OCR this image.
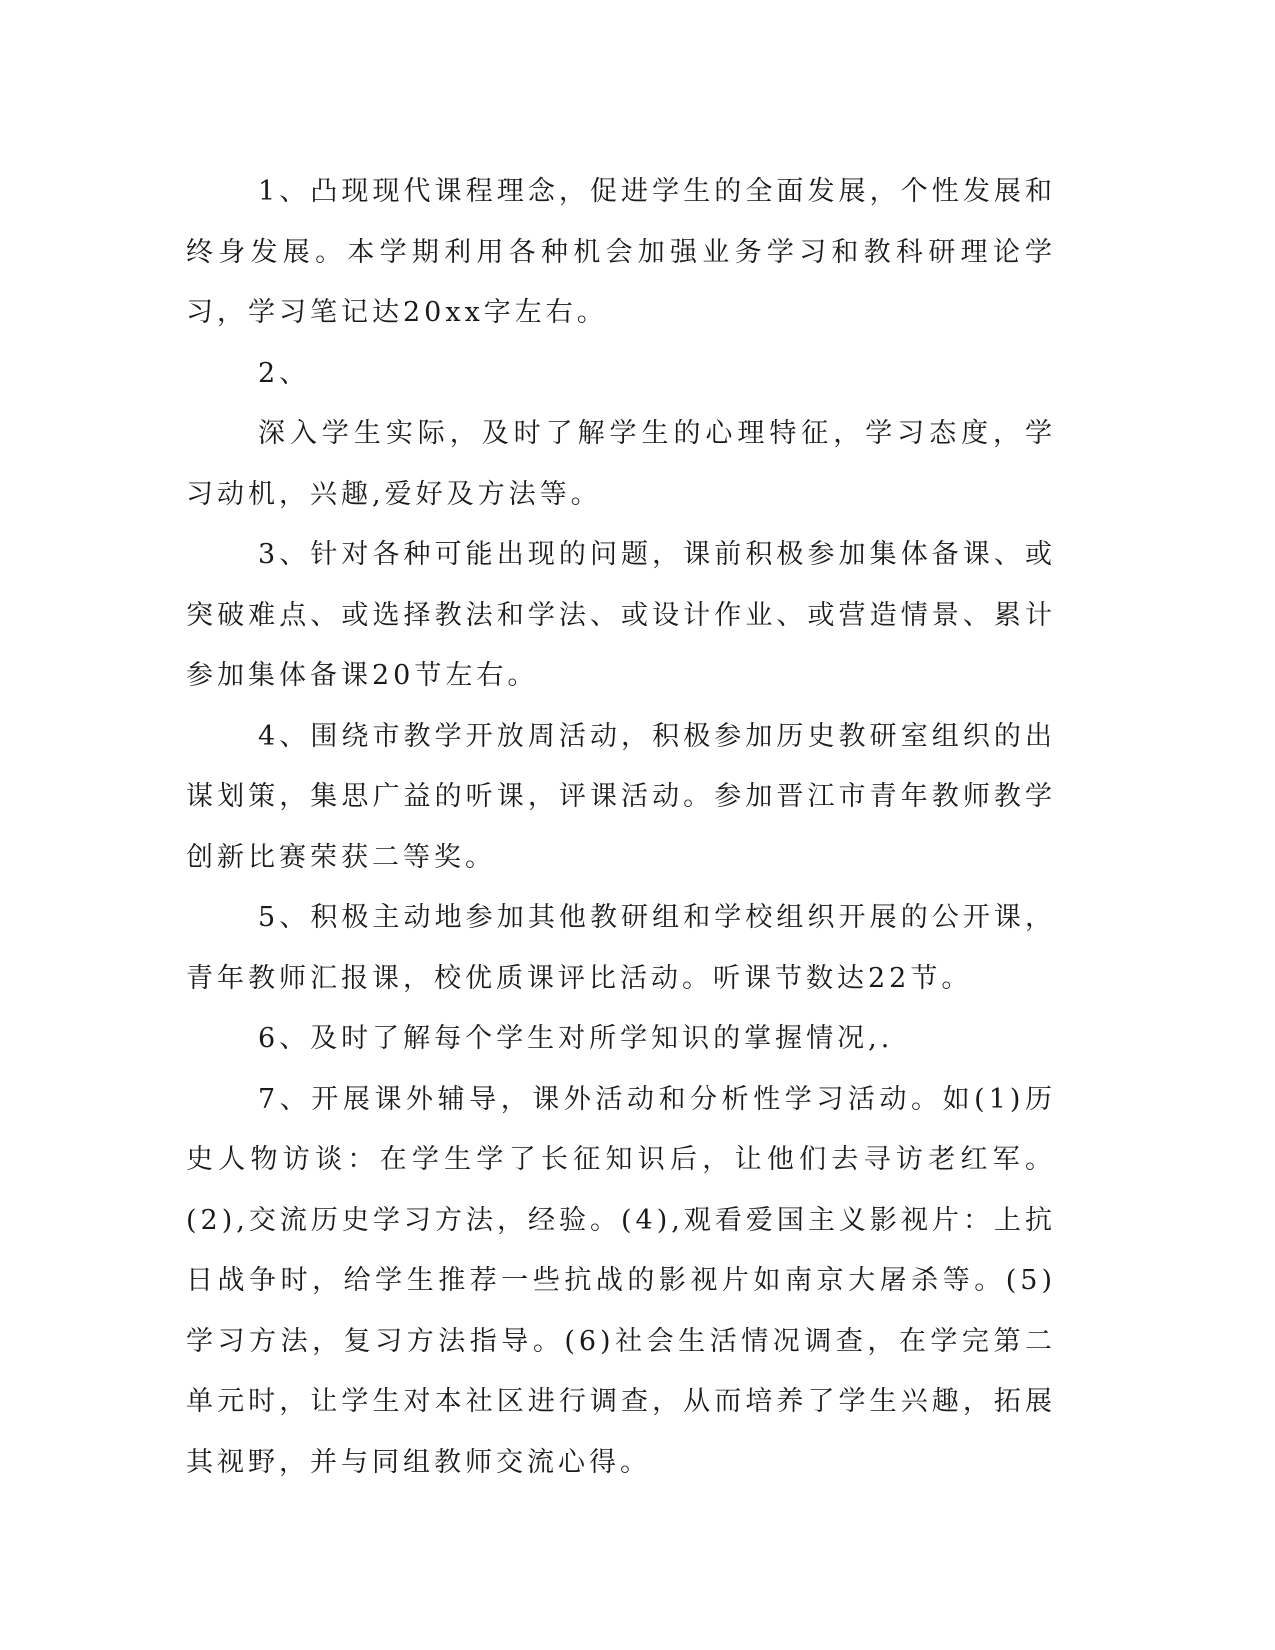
1、凸现现代课程理念，促进学生的全面发展，个性发展和终身发展。本学期利用各种机会加强业务学习和教科研理论学习，学习笔记达20xx字左右。

2、

深入学生实际，及时了解学生的心理特征，学习态度，学习动机，兴趣,爱好及方法等。

3、针对各种可能出现的问题，课前积极参加集体备课、或突破难点、或选择教法和学法、或设计作业、或营造情景、累计参加集体备课20节左右。

4、围绕市教学开放周活动，积极参加历史教研室组织的出谋划策，集思广益的听课，评课活动。参加晋江市青年教师教学创新比赛荣获二等奖。

5、积极主动地参加其他教研组和学校组织开展的公开课，青年教师汇报课，校优质课评比活动。听课节数达22节。

6、及时了解每个学生对所学知识的掌握情况,.

7、开展课外辅导，课外活动和分析性学习活动。如(1)历史人物访谈：在学生学了长征知识后，让他们去寻访老红军。(2),交流历史学习方法，经验。(4),观看爱国主义影视片：上抗日战争时，给学生推荐一些抗战的影视片如南京大屠杀等。(5)学习方法，复习方法指导。(6)社会生活情况调查，在学完第二单元时，让学生对本社区进行调查，从而培养了学生兴趣，拓展其视野，并与同组教师交流心得。
